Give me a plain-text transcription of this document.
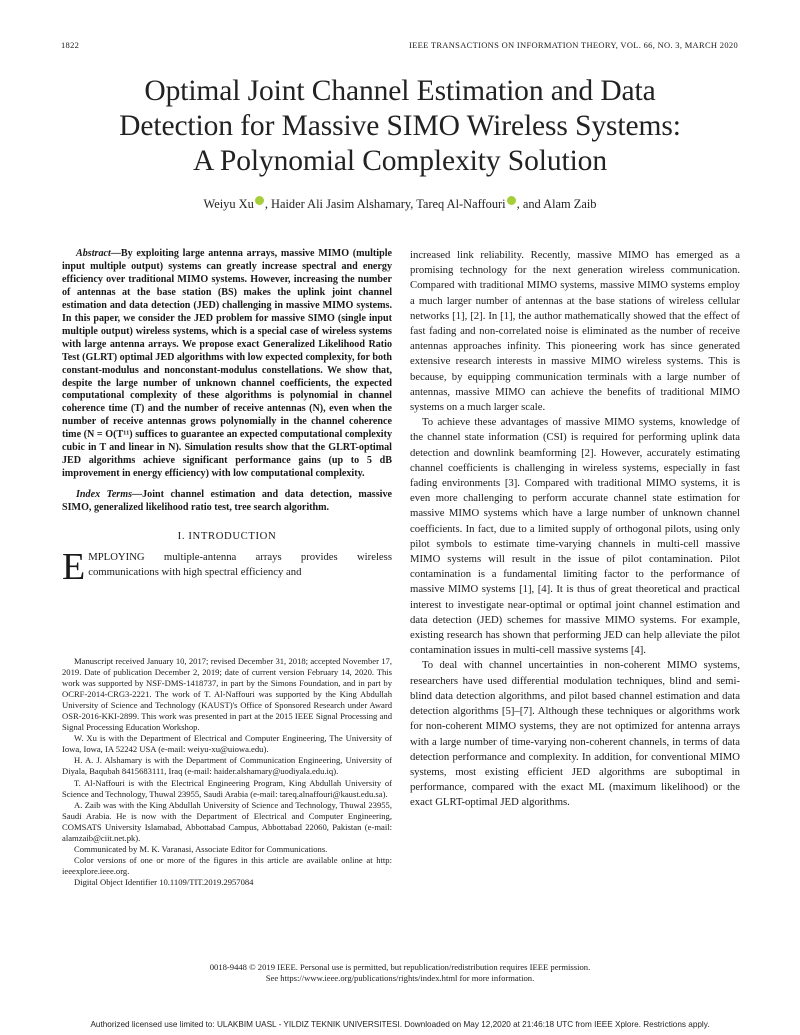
1822	IEEE TRANSACTIONS ON INFORMATION THEORY, VOL. 66, NO. 3, MARCH 2020
Optimal Joint Channel Estimation and Data
Detection for Massive SIMO Wireless Systems:
A Polynomial Complexity Solution
Weiyu Xu , Haider Ali Jasim Alshamary, Tareq Al-Naffouri , and Alam Zaib

Abstract—By exploiting large antenna arrays, massive MIMO (multiple input multiple output) systems can greatly increase spectral and energy efficiency over traditional MIMO systems. However, increasing the number of antennas at the base station (BS) makes the uplink joint channel estimation and data detection (JED) challenging in massive MIMO systems. In this paper, we consider the JED problem for massive SIMO (single input multiple output) wireless systems, which is a special case of wireless systems with large antenna arrays. We propose exact Generalized Likelihood Ratio Test (GLRT) optimal JED algorithms with low expected complexity, for both constant-modulus and nonconstant-modulus constellations. We show that, despite the large number of unknown channel coefficients, the expected computational complexity of these algorithms is polynomial in channel coherence time (T) and the number of receive antennas (N), even when the number of receive antennas grows polynomially in the channel coherence time (N = O(T¹¹) suffices to guarantee an expected computational complexity cubic in T and linear in N). Simulation results show that the GLRT-optimal JED algorithms achieve significant performance gains (up to 5 dB improvement in energy efficiency) with low computational complexity.

Index Terms—Joint channel estimation and data detection, massive SIMO, generalized likelihood ratio test, tree search algorithm.

I. INTRODUCTION

EMPLOYING multiple-antenna arrays provides wireless communications with high spectral efficiency and

Manuscript received January 10, 2017; revised December 31, 2018; accepted November 17, 2019. Date of publication December 2, 2019; date of current version February 14, 2020. This work was supported by NSF-DMS-1418737, in part by the Simons Foundation, and in part by OCRF-2014-CRG3-2221. The work of T. Al-Naffouri was supported by the King Abdullah University of Science and Technology (KAUST)'s Office of Sponsored Research under Award OSR-2016-KKI-2899. This work was presented in part at the 2015 IEEE Signal Processing and Signal Processing Education Workshop.

W. Xu is with the Department of Electrical and Computer Engineering, The University of Iowa, Iowa, IA 52242 USA (e-mail: weiyu-xu@uiowa.edu).

H. A. J. Alshamary is with the Department of Communication Engineering, University of Diyala, Baqubah 8415683111, Iraq (e-mail: haider.alshamary@uodiyala.edu.iq).

T. Al-Naffouri is with the Electrical Engineering Program, King Abdullah University of Science and Technology, Thuwal 23955, Saudi Arabia (e-mail: tareq.alnaffouri@kaust.edu.sa).

A. Zaib was with the King Abdullah University of Science and Technology, Thuwal 23955, Saudi Arabia. He is now with the Department of Electrical and Computer Engineering, COMSATS University Islamabad, Abbottabad Campus, Abbottabad 22060, Pakistan (e-mail: alamzaib@ciit.net.pk).

Communicated by M. K. Varanasi, Associate Editor for Communications.

Color versions of one or more of the figures in this article are available online at http: ieeexplore.ieee.org.

Digital Object Identifier 10.1109/TIT.2019.2957084

increased link reliability. Recently, massive MIMO has emerged as a promising technology for the next generation wireless communication. Compared with traditional MIMO systems, massive MIMO systems employ a much larger number of antennas at the base stations of wireless cellular networks [1], [2]. In [1], the author mathematically showed that the effect of fast fading and non-correlated noise is eliminated as the number of receive antennas approaches infinity. This pioneering work has since generated extensive research interests in massive MIMO wireless systems. This is because, by equipping communication terminals with a large number of antennas, massive MIMO can achieve the benefits of traditional MIMO systems on a much larger scale.

To achieve these advantages of massive MIMO systems, knowledge of the channel state information (CSI) is required for performing uplink data detection and downlink beamforming [2]. However, accurately estimating channel coefficients is challenging in wireless systems, especially in fast fading environments [3]. Compared with traditional MIMO systems, it is even more challenging to perform accurate channel state estimation for massive MIMO systems which have a large number of unknown channel coefficients. In fact, due to a limited supply of orthogonal pilots, using only pilot symbols to estimate time-varying channels in multi-cell massive MIMO systems will result in the issue of pilot contamination. Pilot contamination is a fundamental limiting factor to the performance of massive MIMO systems [1], [4]. It is thus of great theoretical and practical interest to investigate near-optimal or optimal joint channel estimation and data detection (JED) schemes for massive MIMO systems. For example, existing research has shown that performing JED can help alleviate the pilot contamination issues in multi-cell massive systems [4].

To deal with channel uncertainties in non-coherent MIMO systems, researchers have used differential modulation techniques, blind and semi-blind data detection algorithms, and pilot based channel estimation and data detection algorithms [5]–[7]. Although these techniques or algorithms work for non-coherent MIMO systems, they are not optimized for antenna arrays with a large number of time-varying non-coherent channels, in terms of data detection performance and complexity. In addition, for conventional MIMO systems, most existing efficient JED algorithms are suboptimal in performance, compared with the exact ML (maximum likelihood) or the exact GLRT-optimal JED algorithms.

0018-9448 © 2019 IEEE. Personal use is permitted, but republication/redistribution requires IEEE permission.
See https://www.ieee.org/publications/rights/index.html for more information.
Authorized licensed use limited to: ULAKBIM UASL - YILDIZ TEKNIK UNIVERSITESI. Downloaded on May 12,2020 at 21:46:18 UTC from IEEE Xplore. Restrictions apply.
